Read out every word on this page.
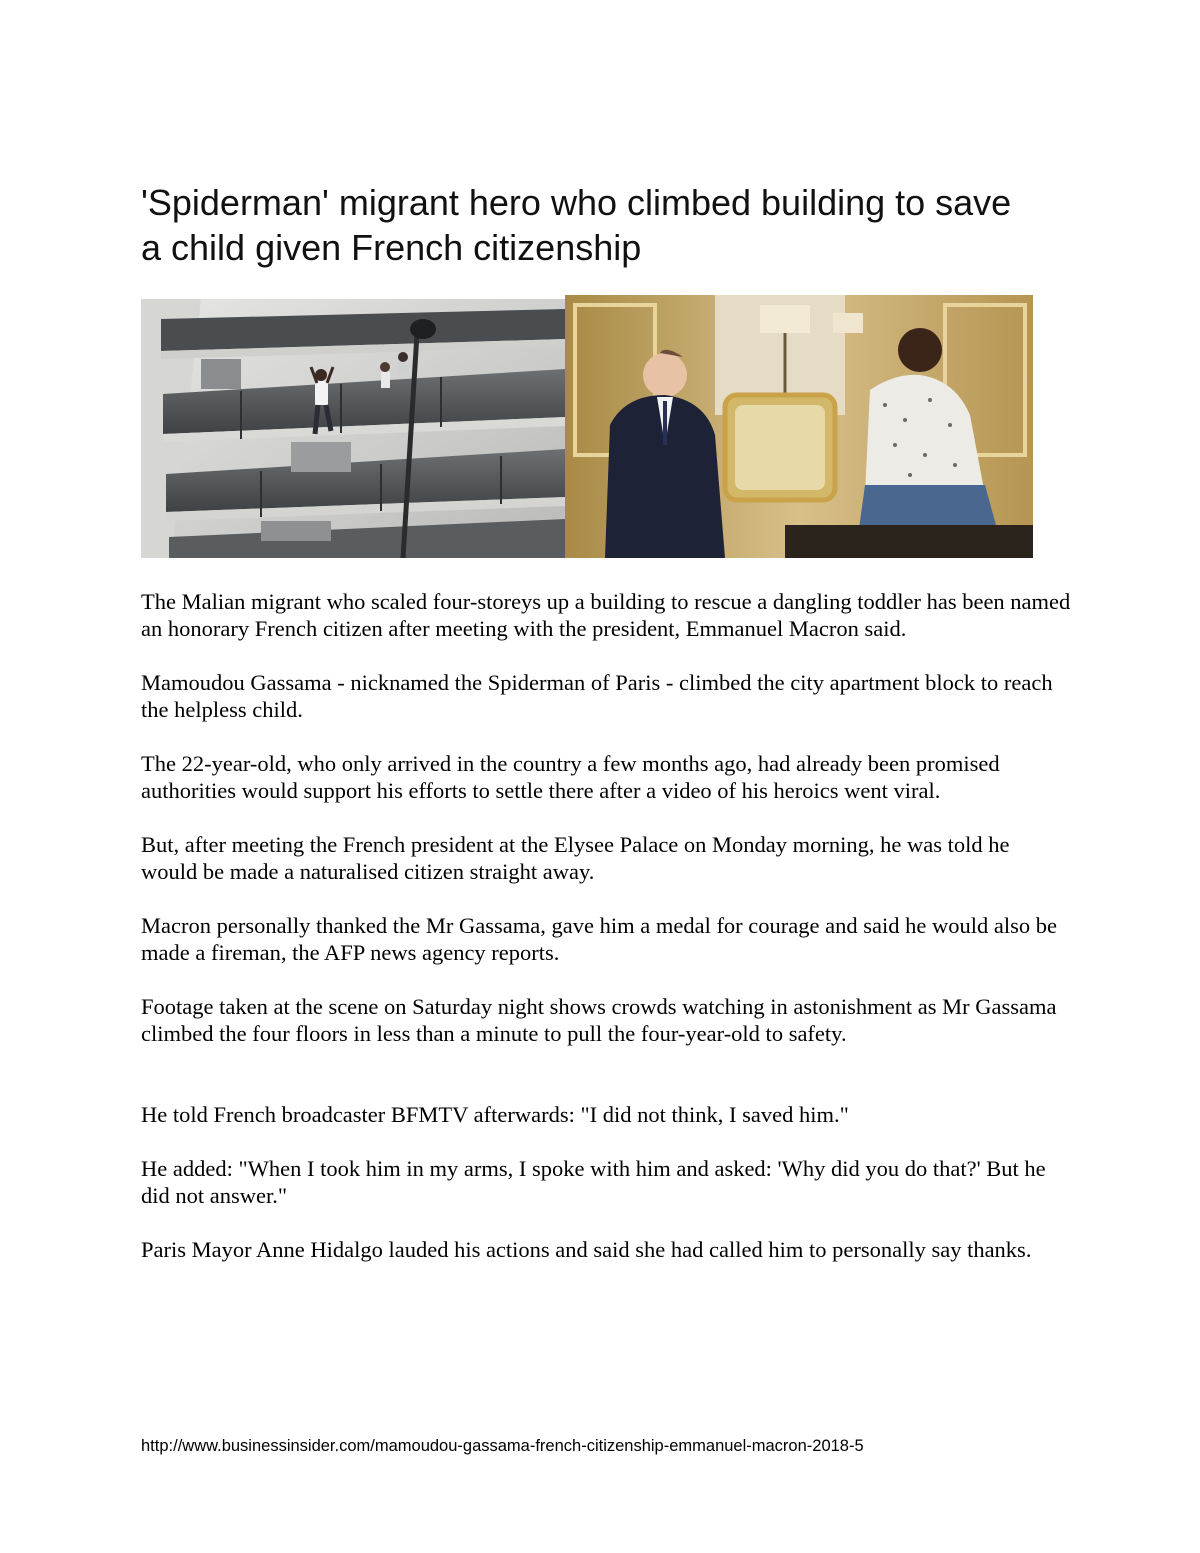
'Spiderman' migrant hero who climbed building to save a child given French citizenship

The Malian migrant who scaled four-storeys up a building to rescue a dangling toddler has been named an honorary French citizen after meeting with the president, Emmanuel Macron said.

Mamoudou Gassama - nicknamed the Spiderman of Paris - climbed the city apartment block to reach the helpless child.

The 22-year-old, who only arrived in the country a few months ago, had already been promised authorities would support his efforts to settle there after a video of his heroics went viral.

But, after meeting the French president at the Elysee Palace on Monday morning, he was told he would be made a naturalised citizen straight away.

Macron personally thanked the Mr Gassama, gave him a medal for courage and said he would also be made a fireman, the AFP news agency reports.

Footage taken at the scene on Saturday night shows crowds watching in astonishment as Mr Gassama climbed the four floors in less than a minute to pull the four-year-old to safety.

He told French broadcaster BFMTV afterwards: "I did not think, I saved him."

He added: "When I took him in my arms, I spoke with him and asked: 'Why did you do that?' But he did not answer."

Paris Mayor Anne Hidalgo lauded his actions and said she had called him to personally say thanks.

http://www.businessinsider.com/mamoudou-gassama-french-citizenship-emmanuel-macron-2018-5
